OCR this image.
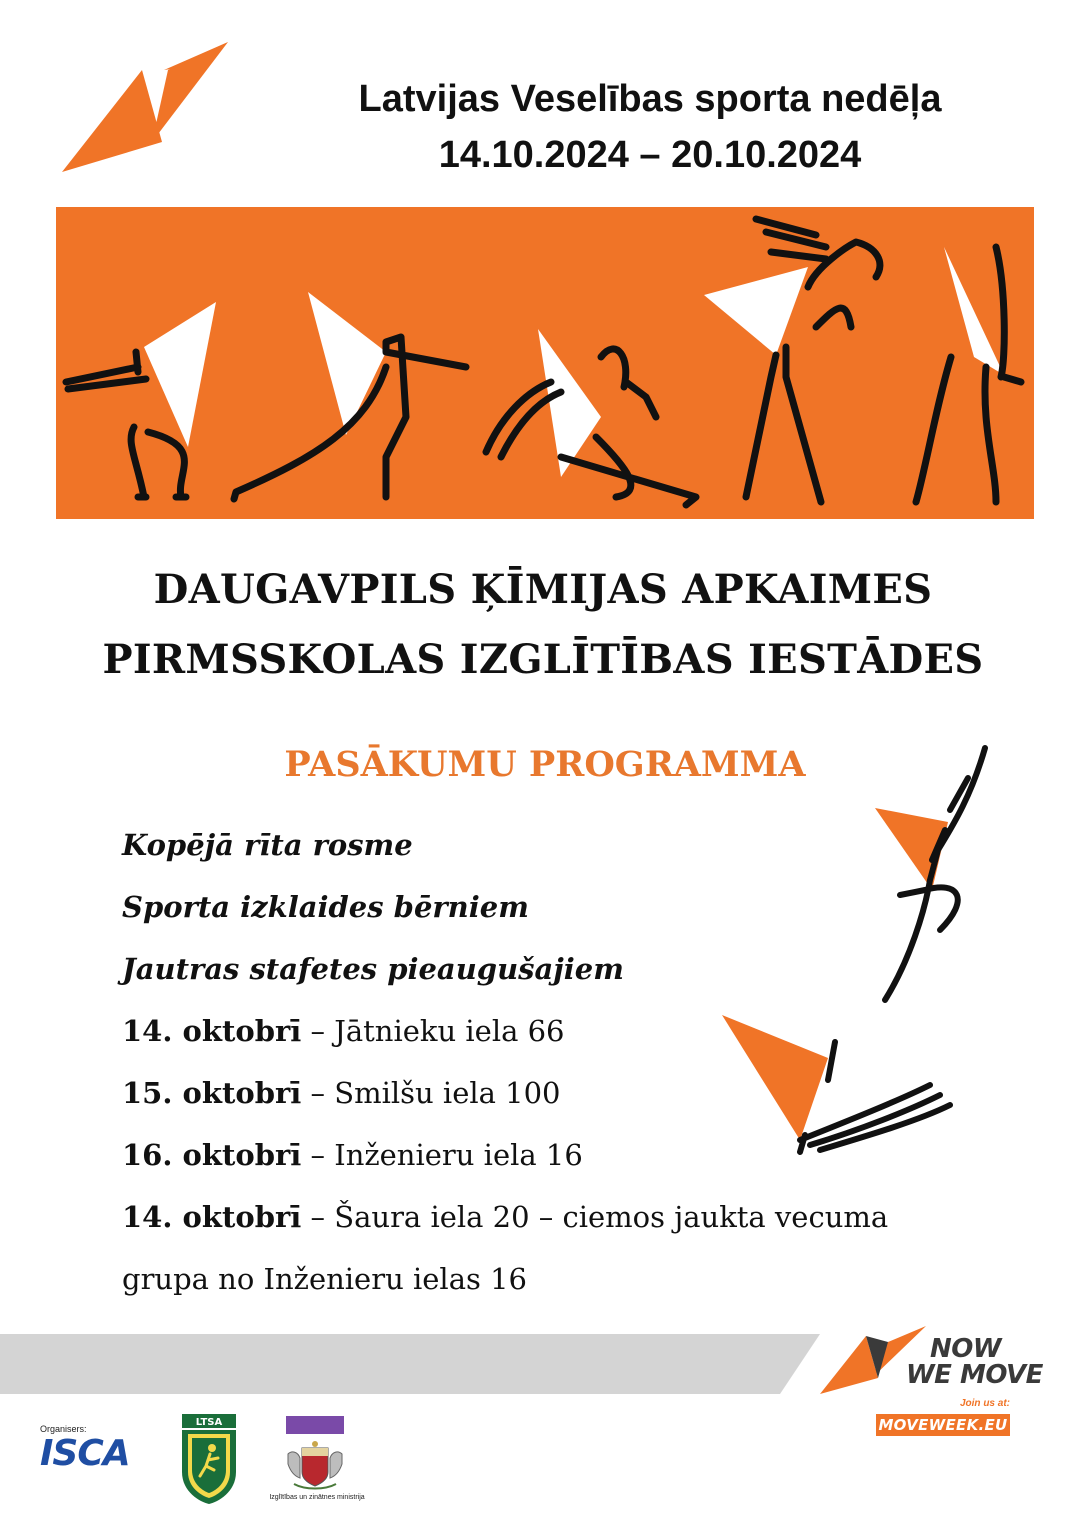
Latvijas Veselības sporta nedēļa
14.10.2024 – 20.10.2024
DAUGAVPILS ĶĪMIJAS APKAIMES
PIRMSSKOLAS IZGLĪTĪBAS IESTĀDES
PASĀKUMU PROGRAMMA
Kopējā rīta rosme
Sporta izklaides bērniem
Jautras stafetes pieaugušajiem
14. oktobrī – Jātnieku iela 66
15. oktobrī – Smilšu iela 100
16. oktobrī – Inženieru iela 16
14. oktobrī – Šaura iela 20 – ciemos jaukta vecuma
grupa no Inženieru ielas 16
NOW
WE MOVE
Join us at:
MOVEWEEK.EU
Organisers:
ISCA
LTSA
Izglītības un zinātnes ministrija
